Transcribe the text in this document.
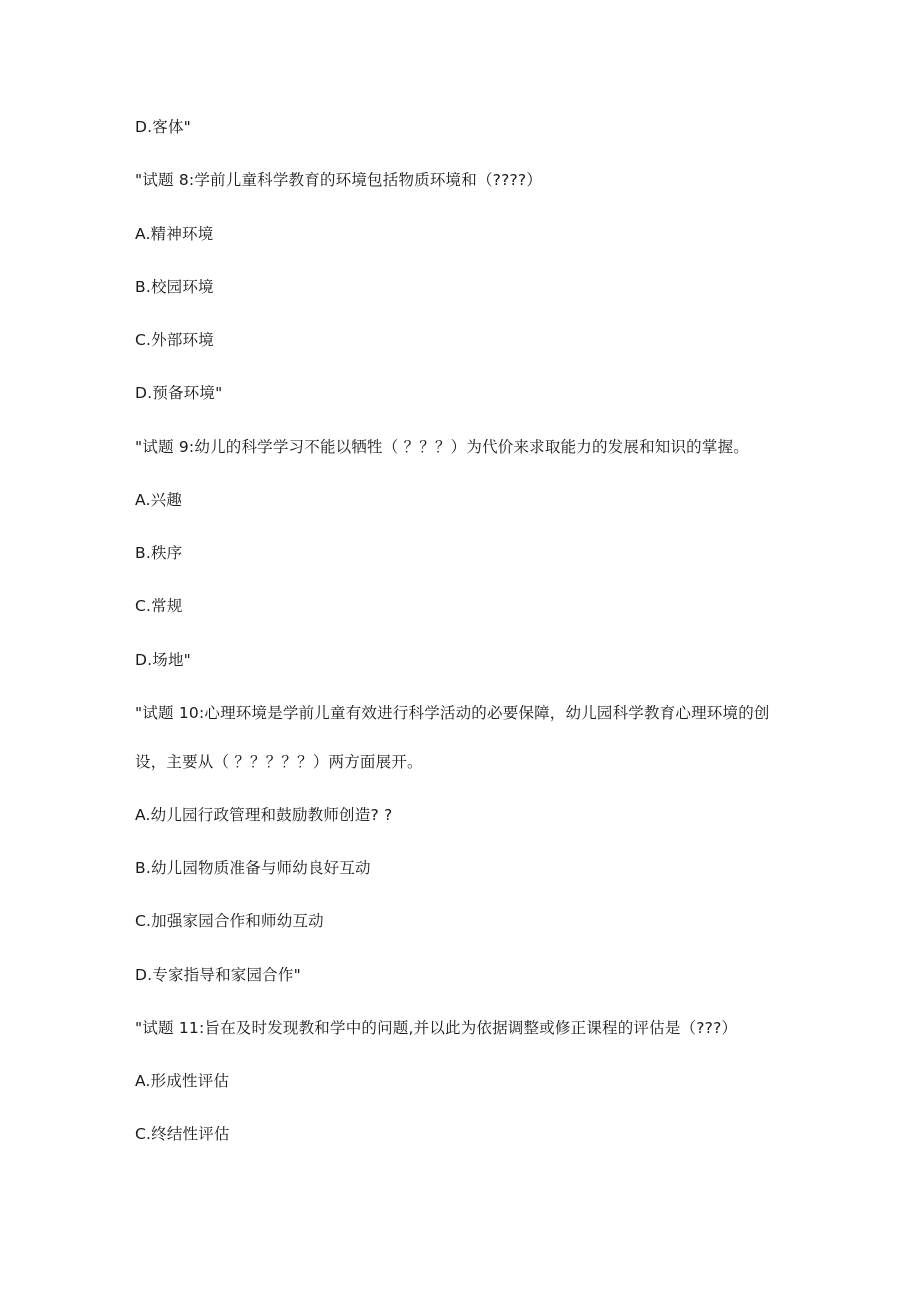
D.客体"
"试题 8:学前儿童科学教育的环境包括物质环境和（????）
A.精神环境
B.校园环境
C.外部环境
D.预备环境"
"试题 9:幼儿的科学学习不能以牺牲（ ？？？）为代价来求取能力的发展和知识的掌握。
A.兴趣
B.秩序
C.常规
D.场地"
"试题 10:心理环境是学前儿童有效进行科学活动的必要保障，幼儿园科学教育心理环境的创
设，主要从（ ？？？？？）两方面展开。
A.幼儿园行政管理和鼓励教师创造? ?
B.幼儿园物质准备与师幼良好互动
C.加强家园合作和师幼互动
D.专家指导和家园合作"
"试题 11:旨在及时发现教和学中的问题,并以此为依据调整或修正课程的评估是（???）
A.形成性评估
C.终结性评估
